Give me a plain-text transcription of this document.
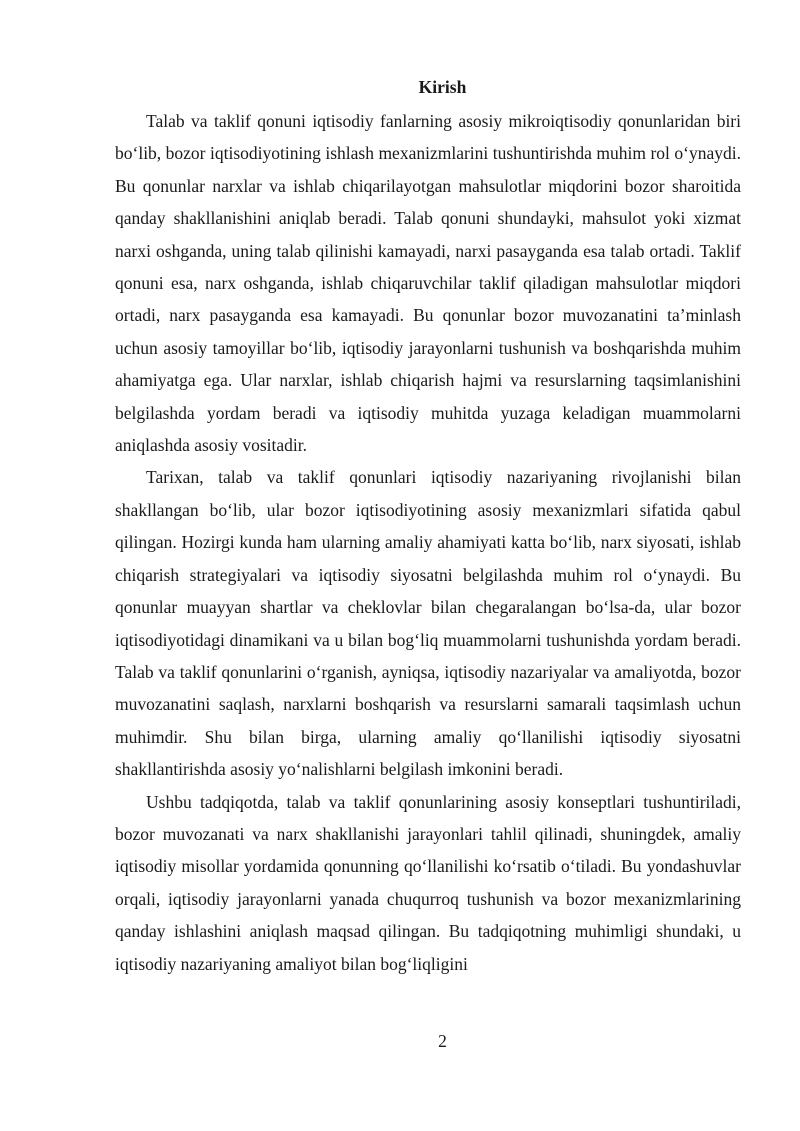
Kirish

Talab va taklif qonuni iqtisodiy fanlarning asosiy mikroiqtisodiy qonunlaridan biri bo‘lib, bozor iqtisodiyotining ishlash mexanizmlarini tushuntirishda muhim rol o‘ynaydi. Bu qonunlar narxlar va ishlab chiqarilayotgan mahsulotlar miqdorini bozor sharoitida qanday shakllanishini aniqlab beradi. Talab qonuni shundayki, mahsulot yoki xizmat narxi oshganda, uning talab qilinishi kamayadi, narxi pasayganda esa talab ortadi. Taklif qonuni esa, narx oshganda, ishlab chiqaruvchilar taklif qiladigan mahsulotlar miqdori ortadi, narx pasayganda esa kamayadi. Bu qonunlar bozor muvozanatini ta’minlash uchun asosiy tamoyillar bo‘lib, iqtisodiy jarayonlarni tushunish va boshqarishda muhim ahamiyatga ega. Ular narxlar, ishlab chiqarish hajmi va resurslarning taqsimlanishini belgilashda yordam beradi va iqtisodiy muhitda yuzaga keladigan muammolarni aniqlashda asosiy vositadir.

Tarixan, talab va taklif qonunlari iqtisodiy nazariyaning rivojlanishi bilan shakllangan bo‘lib, ular bozor iqtisodiyotining asosiy mexanizmlari sifatida qabul qilingan. Hozirgi kunda ham ularning amaliy ahamiyati katta bo‘lib, narx siyosati, ishlab chiqarish strategiyalari va iqtisodiy siyosatni belgilashda muhim rol o‘ynaydi. Bu qonunlar muayyan shartlar va cheklovlar bilan chegaralangan bo‘lsa-da, ular bozor iqtisodiyotidagi dinamikani va u bilan bog‘liq muammolarni tushunishda yordam beradi. Talab va taklif qonunlarini o‘rganish, ayniqsa, iqtisodiy nazariyalar va amaliyotda, bozor muvozanatini saqlash, narxlarni boshqarish va resurslarni samarali taqsimlash uchun muhimdir. Shu bilan birga, ularning amaliy qo‘llanilishi iqtisodiy siyosatni shakllantirishda asosiy yo‘nalishlarni belgilash imkonini beradi.

Ushbu tadqiqotda, talab va taklif qonunlarining asosiy konseptlari tushuntiriladi, bozor muvozanati va narx shakllanishi jarayonlari tahlil qilinadi, shuningdek, amaliy iqtisodiy misollar yordamida qonunning qo‘llanilishi ko‘rsatib o‘tiladi. Bu yondashuvlar orqali, iqtisodiy jarayonlarni yanada chuqurroq tushunish va bozor mexanizmlarining qanday ishlashini aniqlash maqsad qilingan. Bu tadqiqotning muhimligi shundaki, u iqtisodiy nazariyaning amaliyot bilan bog‘liqligini

2
